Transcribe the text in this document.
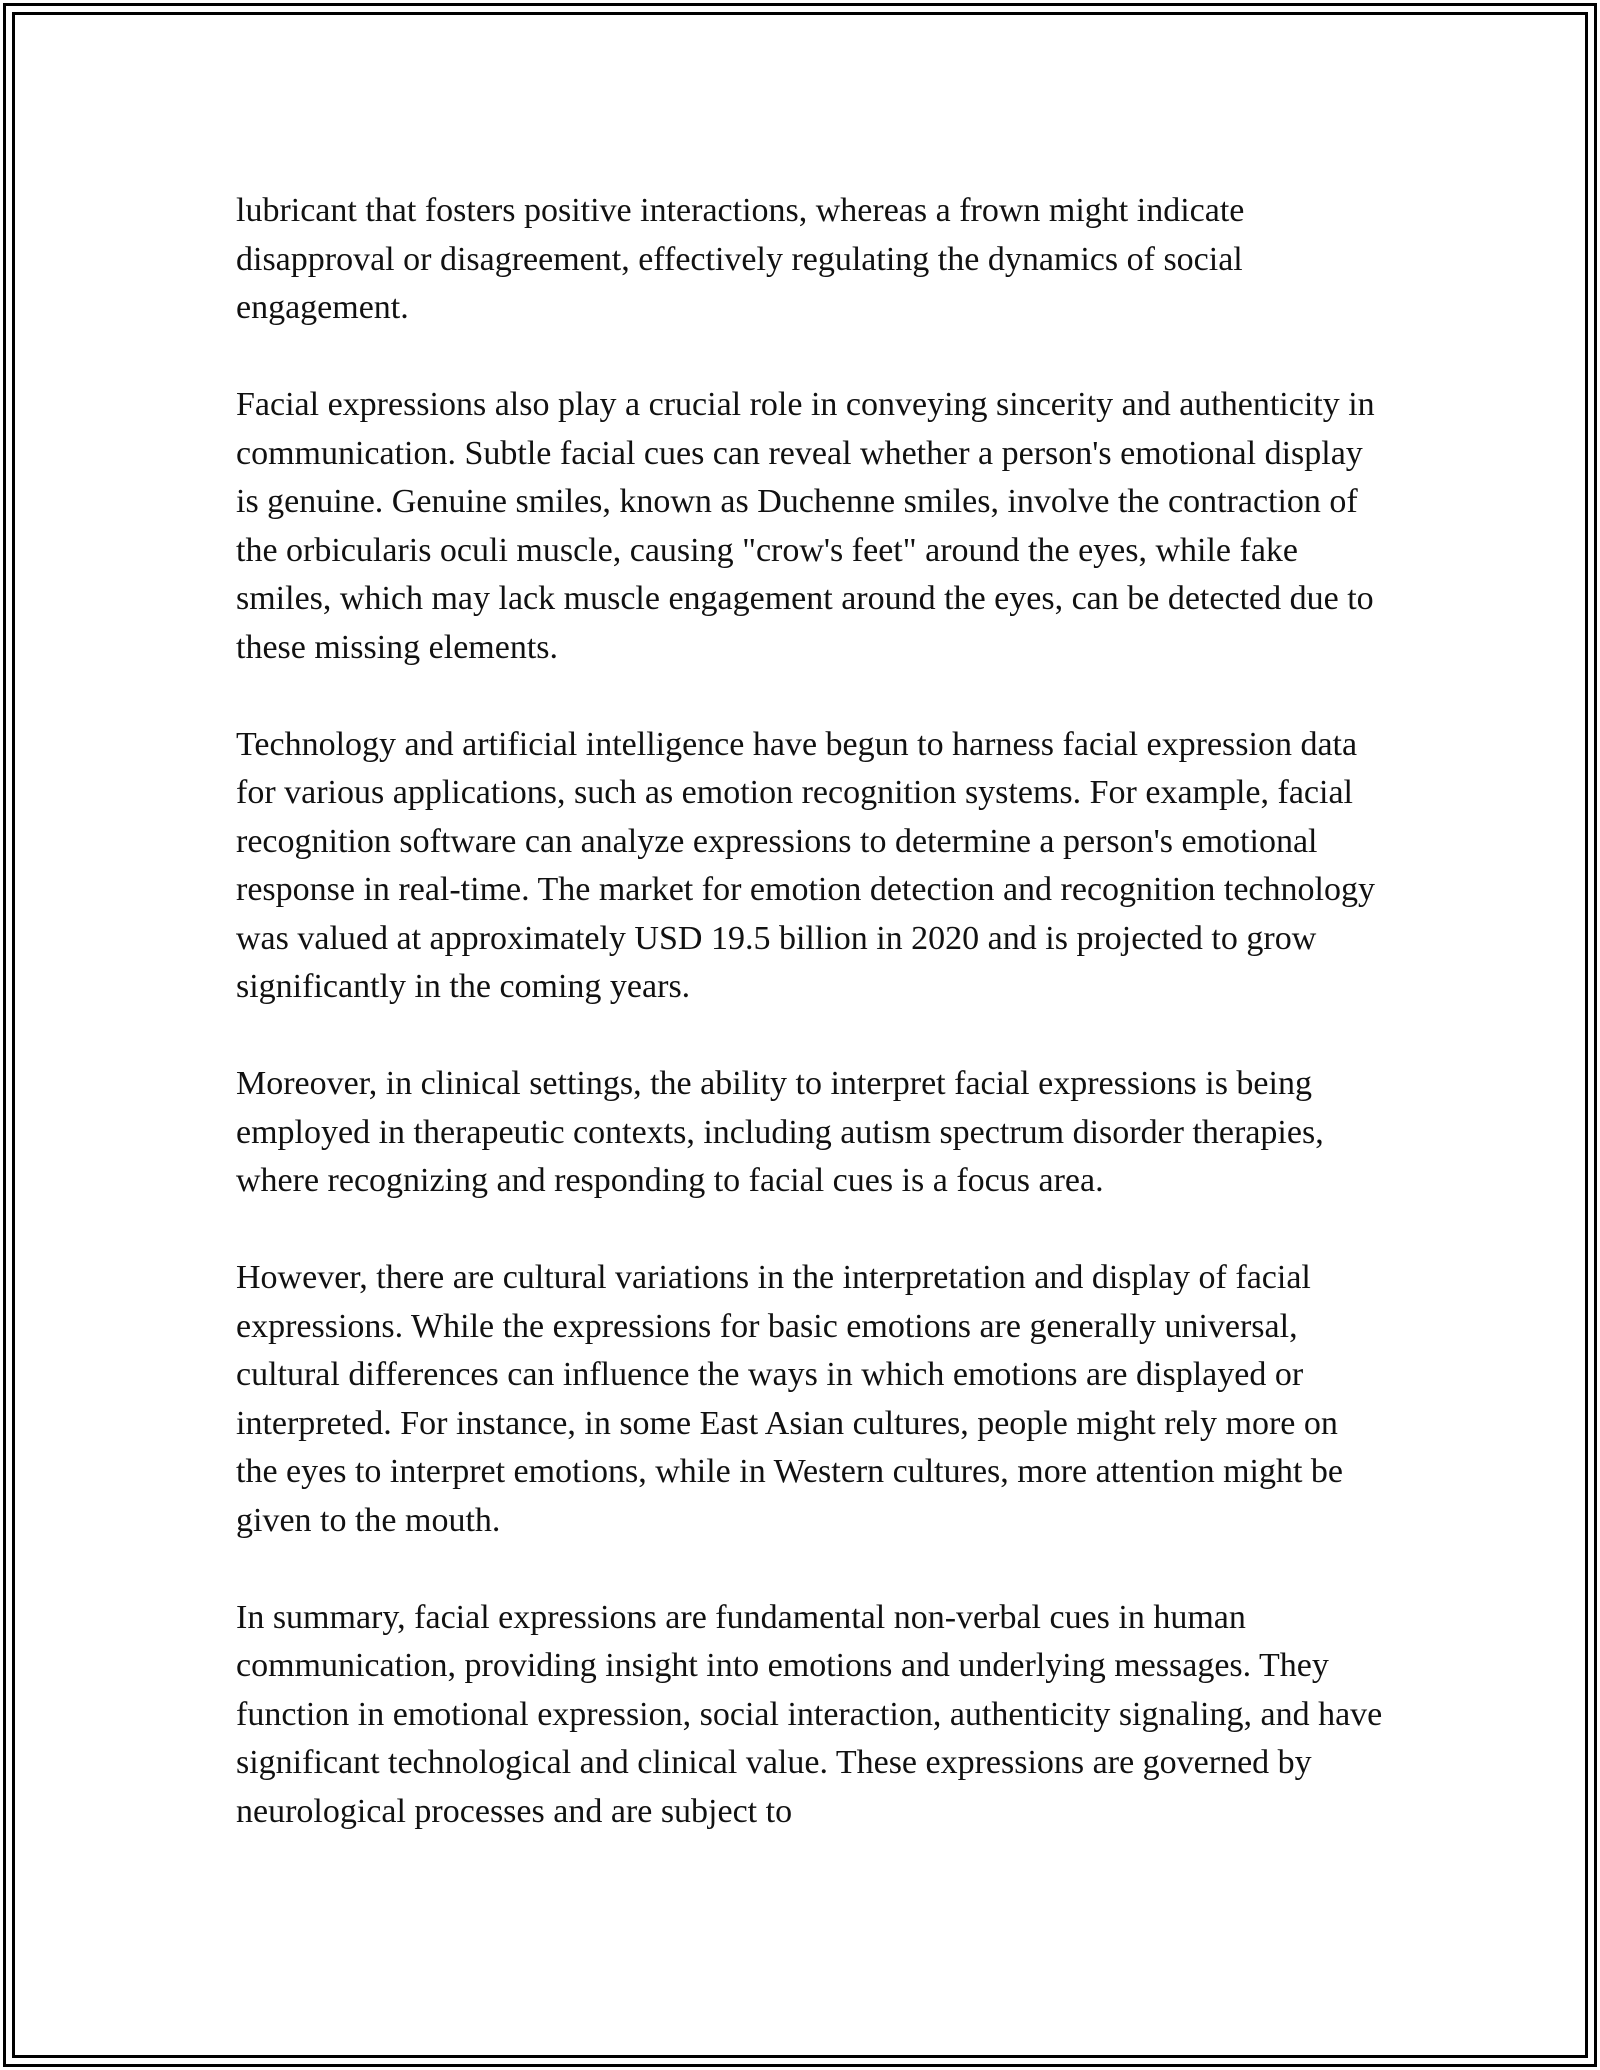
lubricant that fosters positive interactions, whereas a frown might indicate disapproval or disagreement, effectively regulating the dynamics of social engagement.

Facial expressions also play a crucial role in conveying sincerity and authenticity in communication. Subtle facial cues can reveal whether a person's emotional display is genuine. Genuine smiles, known as Duchenne smiles, involve the contraction of the orbicularis oculi muscle, causing "crow's feet" around the eyes, while fake smiles, which may lack muscle engagement around the eyes, can be detected due to these missing elements.

Technology and artificial intelligence have begun to harness facial expression data for various applications, such as emotion recognition systems. For example, facial recognition software can analyze expressions to determine a person's emotional response in real-time. The market for emotion detection and recognition technology was valued at approximately USD 19.5 billion in 2020 and is projected to grow significantly in the coming years.

Moreover, in clinical settings, the ability to interpret facial expressions is being employed in therapeutic contexts, including autism spectrum disorder therapies, where recognizing and responding to facial cues is a focus area.

However, there are cultural variations in the interpretation and display of facial expressions. While the expressions for basic emotions are generally universal, cultural differences can influence the ways in which emotions are displayed or interpreted. For instance, in some East Asian cultures, people might rely more on the eyes to interpret emotions, while in Western cultures, more attention might be given to the mouth.

In summary, facial expressions are fundamental non-verbal cues in human communication, providing insight into emotions and underlying messages. They function in emotional expression, social interaction, authenticity signaling, and have significant technological and clinical value. These expressions are governed by neurological processes and are subject to
